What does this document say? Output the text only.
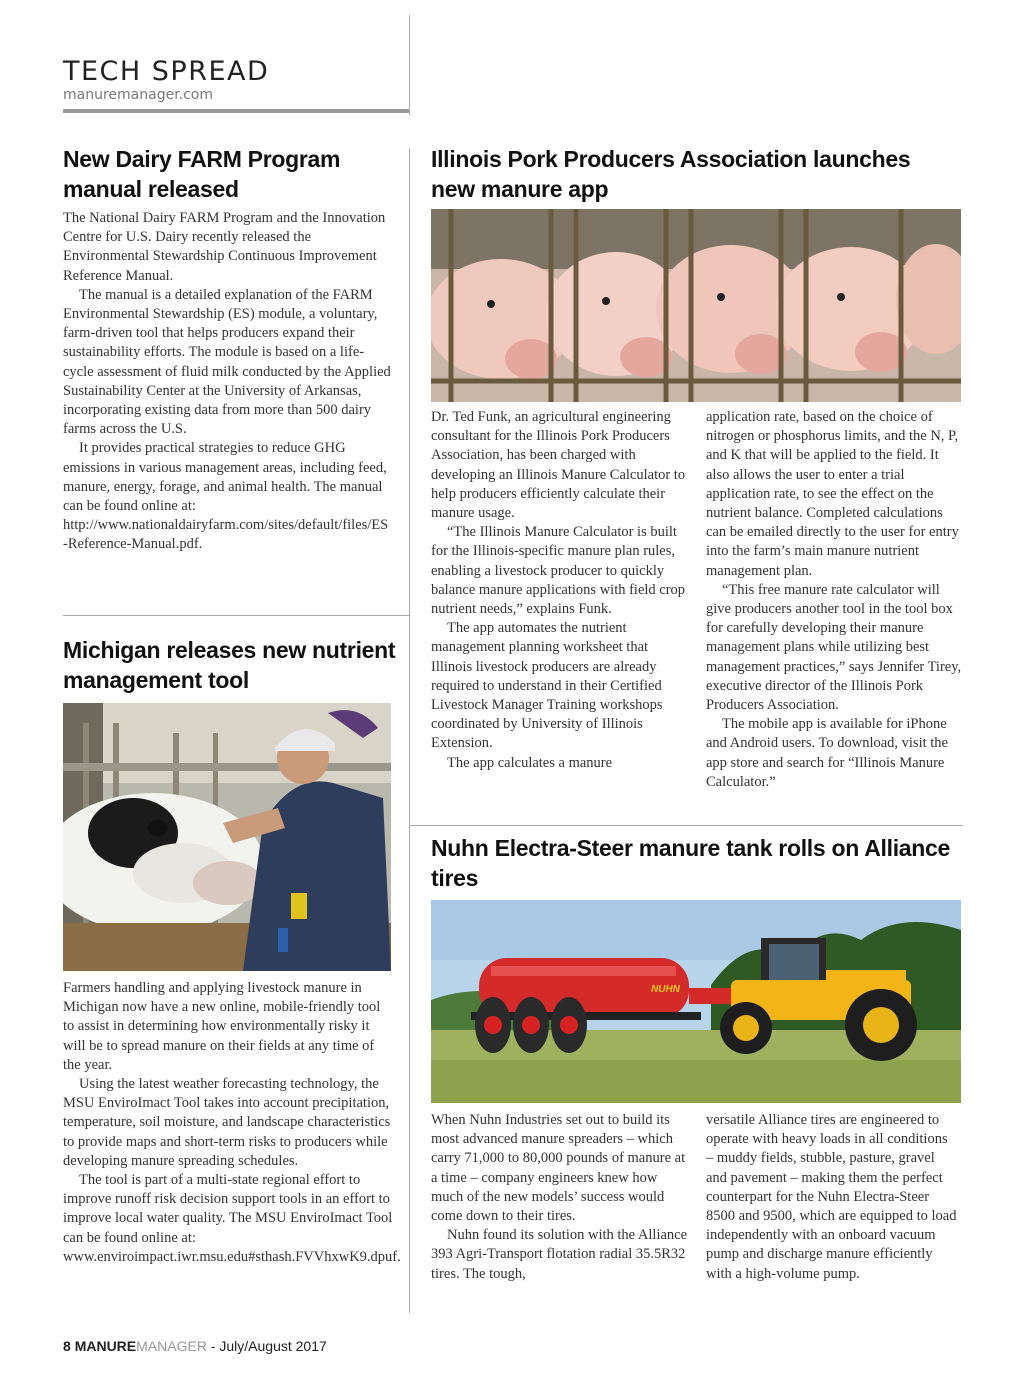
TECH SPREAD
manuremanager.com
New Dairy FARM Program manual released

The National Dairy FARM Program and the Innovation Centre for U.S. Dairy recently released the Environmental Stewardship Continuous Improvement Reference Manual.

The manual is a detailed explanation of the FARM Environmental Stewardship (ES) module, a voluntary, farm-driven tool that helps producers expand their sustainability efforts. The module is based on a life-cycle assessment of fluid milk conducted by the Applied Sustainability Center at the University of Arkansas, incorporating existing data from more than 500 dairy farms across the U.S.

It provides practical strategies to reduce GHG emissions in various management areas, including feed, manure, energy, forage, and animal health. The manual can be found online at:

http://www.nationaldairyfarm.com/sites/default/files/ES-Reference-Manual.pdf.

Michigan releases new nutrient management tool

Farmers handling and applying livestock manure in Michigan now have a new online, mobile-friendly tool to assist in determining how environmentally risky it will be to spread manure on their fields at any time of the year.

Using the latest weather forecasting technology, the MSU EnviroImact Tool takes into account precipitation, temperature, soil moisture, and landscape characteristics to provide maps and short-term risks to producers while developing manure spreading schedules.

The tool is part of a multi-state regional effort to improve runoff risk decision support tools in an effort to improve local water quality. The MSU EnviroImact Tool can be found online at: www.enviroimpact.iwr.msu.edu#sthash.FVVhxwK9.dpuf.

Illinois Pork Producers Association launches new manure app

Dr. Ted Funk, an agricultural engineering consultant for the Illinois Pork Producers Association, has been charged with developing an Illinois Manure Calculator to help producers efficiently calculate their manure usage.

“The Illinois Manure Calculator is built for the Illinois-specific manure plan rules, enabling a livestock producer to quickly balance manure applications with field crop nutrient needs,” explains Funk.

The app automates the nutrient management planning worksheet that Illinois livestock producers are already required to understand in their Certified Livestock Manager Training workshops coordinated by University of Illinois Extension.

The app calculates a manure

application rate, based on the choice of nitrogen or phosphorus limits, and the N, P, and K that will be applied to the field. It also allows the user to enter a trial application rate, to see the effect on the nutrient balance. Completed calculations can be emailed directly to the user for entry into the farm’s main manure nutrient management plan.

“This free manure rate calculator will give producers another tool in the tool box for carefully developing their manure management plans while utilizing best management practices,” says Jennifer Tirey, executive director of the Illinois Pork Producers Association.

The mobile app is available for iPhone and Android users. To download, visit the app store and search for “Illinois Manure Calculator.”

Nuhn Electra-Steer manure tank rolls on Alliance tires
NUHN

When Nuhn Industries set out to build its most advanced manure spreaders – which carry 71,000 to 80,000 pounds of manure at a time – company engineers knew how much of the new models’ success would come down to their tires.

Nuhn found its solution with the Alliance 393 Agri-Transport flotation radial 35.5R32 tires. The tough,

versatile Alliance tires are engineered to operate with heavy loads in all conditions – muddy fields, stubble, pasture, gravel and pavement – making them the perfect counterpart for the Nuhn Electra-Steer 8500 and 9500, which are equipped to load independently with an onboard vacuum pump and discharge manure efficiently with a high-volume pump.

8 MANUREMANAGER - July/August 2017
